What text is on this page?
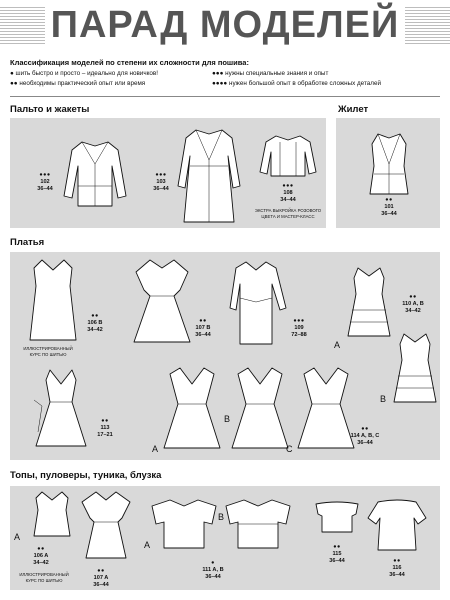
ПАРАД МОДЕЛЕЙ
Классификация моделей по степени их сложности для пошива:
● шить быстро и просто – идеально для новичков!
●● необходимы практический опыт или время
●●● нужны специальные знания и опыт
●●●● нужен большой опыт в обработке сложных деталей
Пальто и жакеты
●●●
102
36–44
●●●
103
36–44	●●●
108
34–44
ЭКСТРА ВЫКРОЙКА РОЗОВОГО ЦВЕТА И МАСТЕР-КЛАСС
Жилет
●●
101
36–44
Платья
●●
106 B
34–42
ИЛЛЮСТРИРОВАННЫЙ КУРС ПО ШИТЬЮ
●●
107 B
36–44
●●●
109
72–88
A
●●
110 A, B
34–42
B
●●
113
17–21
A
B
C
●●
114 A, B, C
36–44
Топы, пуловеры, туника, блузка
A
●●
106 A
34–42
ИЛЛЮСТРИРОВАННЫЙ КУРС ПО ШИТЬЮ
●●
107 A
36–44
A
B
●
111 A, B
36–44
●●
115
36–44	●●
116
36–44
